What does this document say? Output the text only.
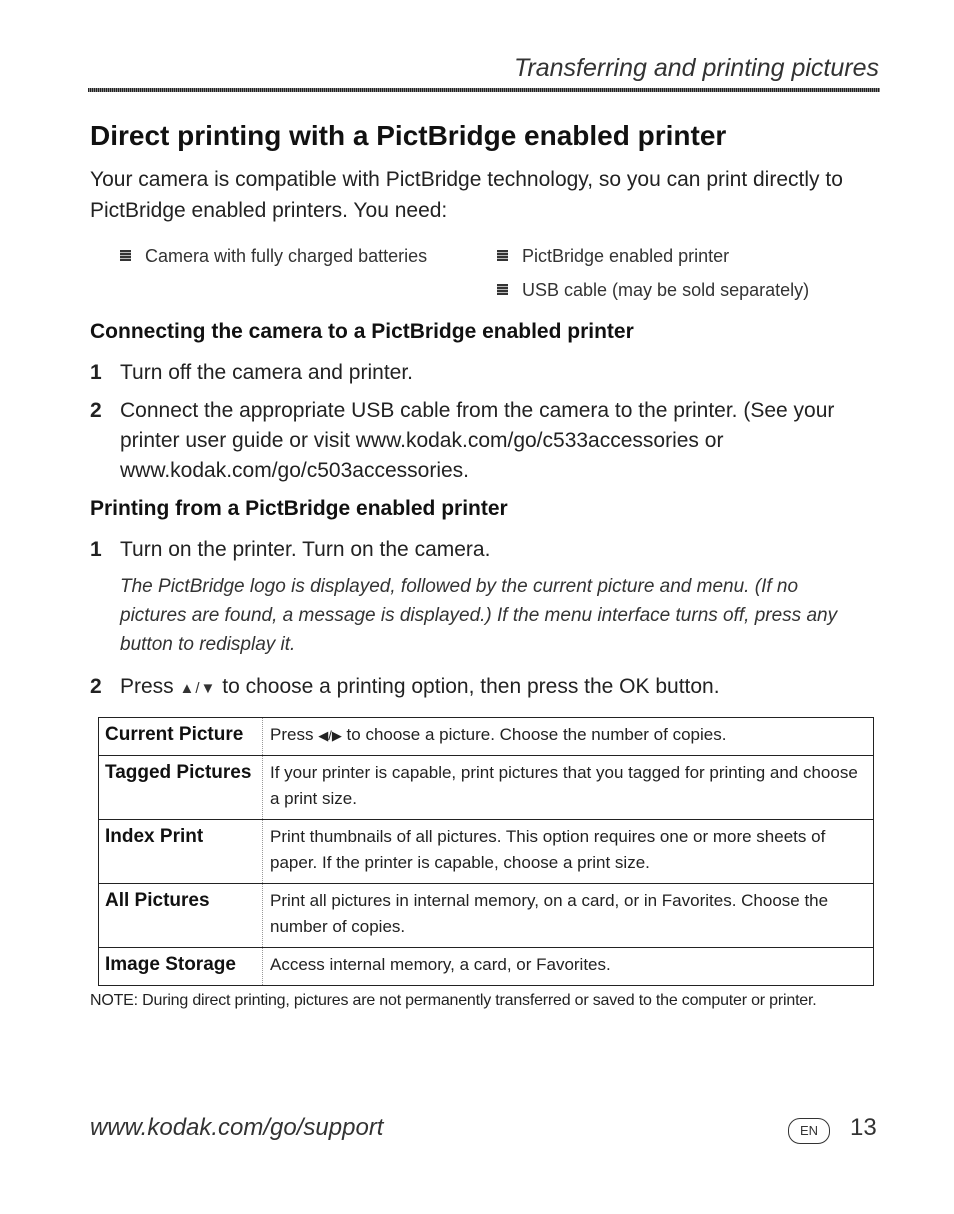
Transferring and printing pictures
Direct printing with a PictBridge enabled printer
Your camera is compatible with PictBridge technology, so you can print directly to PictBridge enabled printers. You need:
Camera with fully charged batteries	PictBridge enabled printer
USB cable (may be sold separately)
Connecting the camera to a PictBridge enabled printer
1 Turn off the camera and printer.
2 Connect the appropriate USB cable from the camera to the printer. (See your printer user guide or visit www.kodak.com/go/c533accessories or www.kodak.com/go/c503accessories.
Printing from a PictBridge enabled printer
1 Turn on the printer. Turn on the camera.
The PictBridge logo is displayed, followed by the current picture and menu. (If no pictures are found, a message is displayed.) If the menu interface turns off, press any button to redisplay it.
2 Press ▲/▼ to choose a printing option, then press the OK button.
Current Picture	Press ◀/▶ to choose a picture. Choose the number of copies.
Tagged Pictures	If your printer is capable, print pictures that you tagged for printing and choose a print size.
Index Print	Print thumbnails of all pictures. This option requires one or more sheets of paper. If the printer is capable, choose a print size.
All Pictures	Print all pictures in internal memory, on a card, or in Favorites. Choose the number of copies.
Image Storage	Access internal memory, a card, or Favorites.
NOTE: During direct printing, pictures are not permanently transferred or saved to the computer or printer.
www.kodak.com/go/support	EN	13
